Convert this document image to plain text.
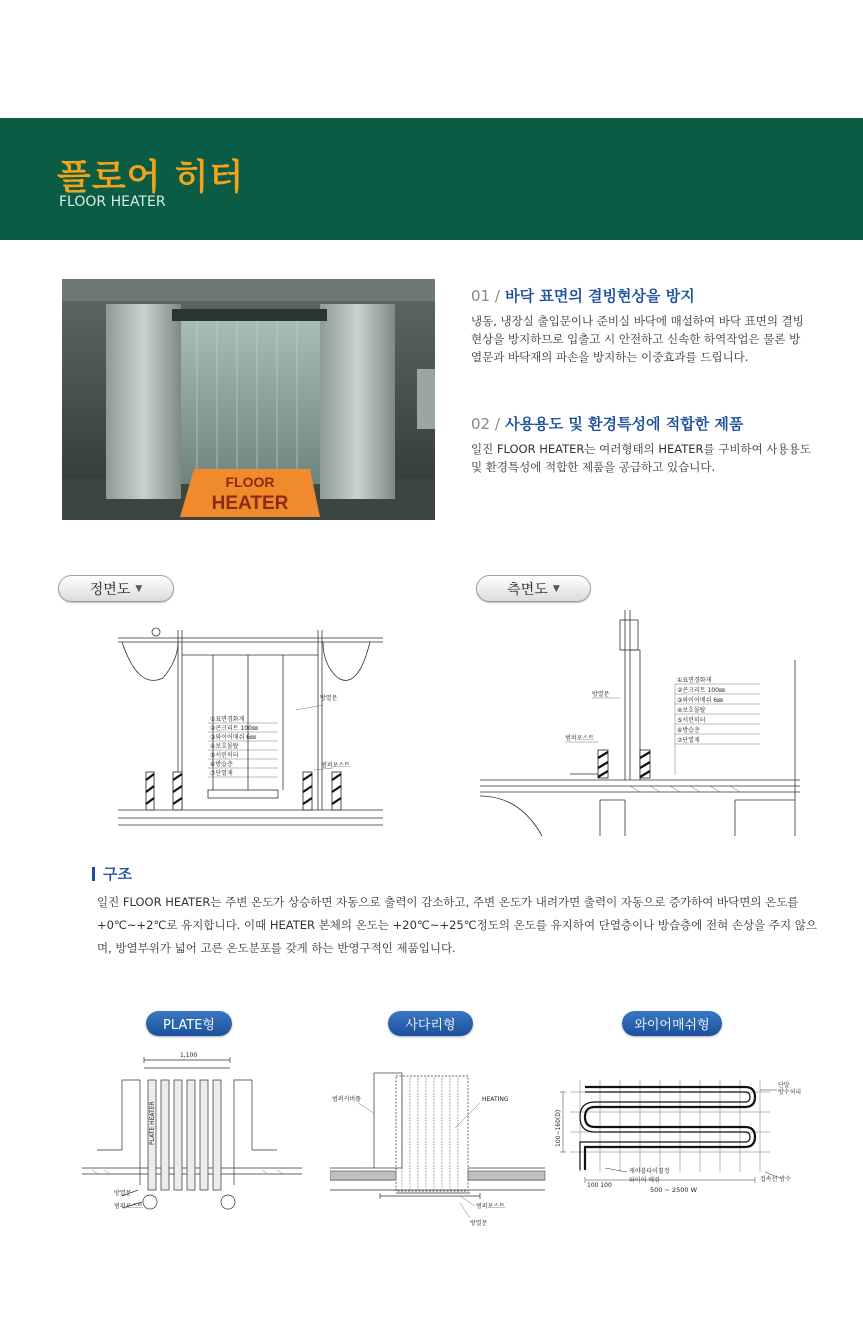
플로어 히터
FLOOR HEATER
FLOOR
HEATER
01 / 바닥 표면의 결빙현상을 방지
냉동, 냉장실 출입문이나 준비실 바닥에 매설하여 바닥 표면의 결빙현상을 방지하므로 입출고 시 안전하고 신속한 하역작업은 물론 방열문과 바닥재의 파손을 방지하는 이중효과를 드립니다.
02 / 사용용도 및 환경특성에 적합한 제품
일진 FLOOR HEATER는 여러형태의 HEATER를 구비하여 사용용도 및 환경특성에 적합한 제품을 공급하고 있습니다.
정면도 ▼	측면도 ▼
①표면경화재
②콘크리트 100㎜
③와이어매쉬 6㎜
④보호몰탈
⑤서린히터
⑥방습층
⑦단열재
방열문
범퍼포스트
①표면경화재
②콘크리트 100㎜
③와이어매쉬 6㎜
④보호몰탈
⑤서린히터
⑥방습층
⑦단열재
방열문
범퍼포스트
구조
일진 FLOOR HEATER는 주변 온도가 상승하면 자동으로 출력이 감소하고, 주변 온도가 내려가면 출력이 자동으로 증가하여 바닥면의 온도를 +0℃~+2℃로 유지합니다. 이때 HEATER 본체의 온도는 +20℃~+25℃정도의 온도를 유지하여 단열층이나 방습층에 전혀 손상을 주지 않으며, 방열부위가 넓어 고른 온도분포를 갖게 하는 반영구적인 제품입니다.
PLATE형	사다리형	와이어매쉬형
1,100
PLATE HEATER
방열문
범퍼포스트
범퍼커버플	HEATING
범퍼포스트
방열문
100~160(D)
100 100
500 ~ 2500 W
단말
방수처리
케이블타이결정
와이어 매쉬	접속선 방수
